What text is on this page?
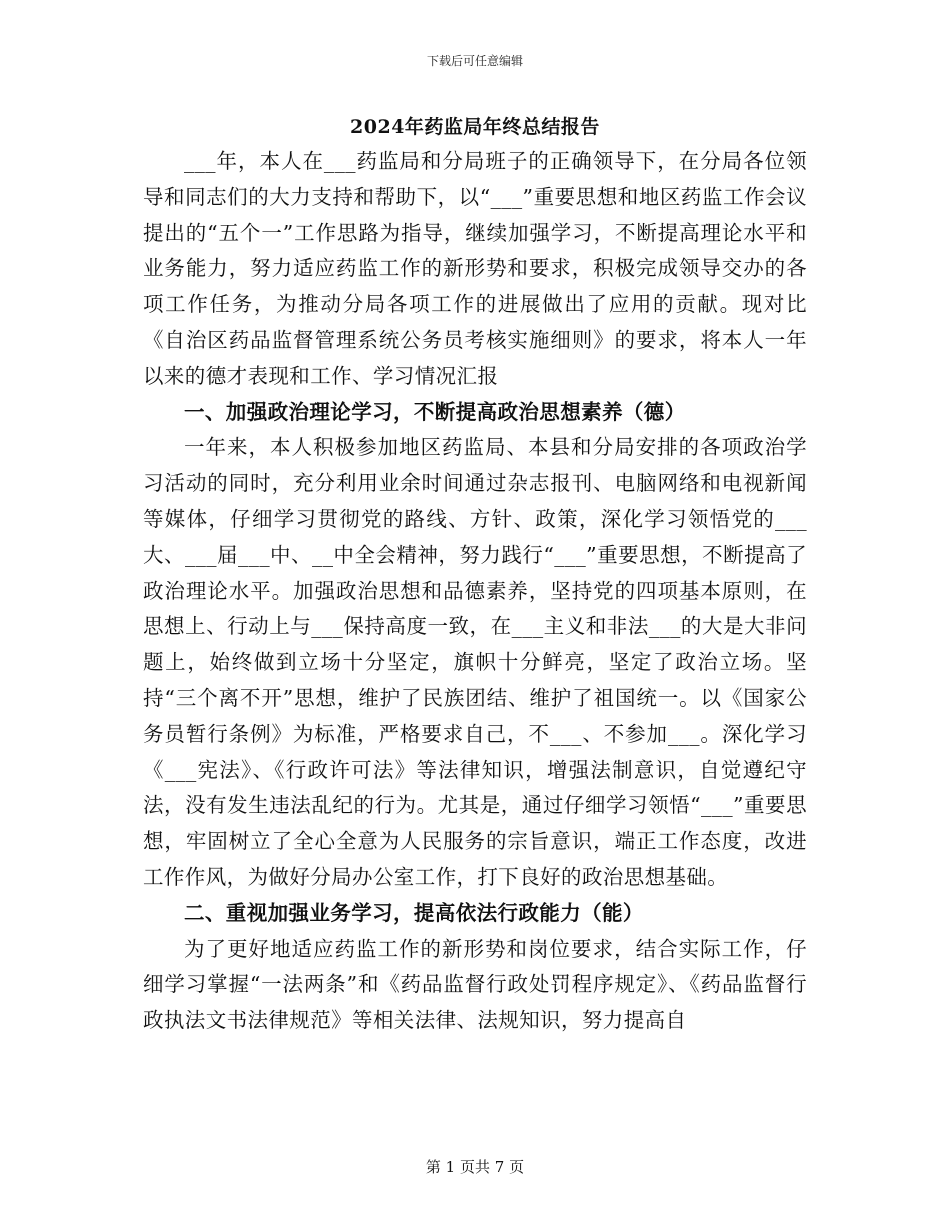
下载后可任意编辑
2024年药监局年终总结报告

___年，本人在___药监局和分局班子的正确领导下，在分局各位领导和同志们的大力支持和帮助下，以“___”重要思想和地区药监工作会议提出的“五个一”工作思路为指导，继续加强学习，不断提高理论水平和业务能力，努力适应药监工作的新形势和要求，积极完成领导交办的各项工作任务，为推动分局各项工作的进展做出了应用的贡献。现对比《自治区药品监督管理系统公务员考核实施细则》的要求，将本人一年以来的德才表现和工作、学习情况汇报

一、加强政治理论学习，不断提高政治思想素养（德）

一年来，本人积极参加地区药监局、本县和分局安排的各项政治学习活动的同时，充分利用业余时间通过杂志报刊、电脑网络和电视新闻等媒体，仔细学习贯彻党的路线、方针、政策，深化学习领悟党的___大、___届___中、__中全会精神，努力践行“___”重要思想，不断提高了政治理论水平。加强政治思想和品德素养，坚持党的四项基本原则，在思想上、行动上与___保持高度一致，在___主义和非法___的大是大非问题上，始终做到立场十分坚定，旗帜十分鲜亮，坚定了政治立场。坚持“三个离不开”思想，维护了民族团结、维护了祖国统一。以《国家公务员暂行条例》为标准，严格要求自己，不___、不参加___。深化学习《___宪法》、《行政许可法》等法律知识，增强法制意识，自觉遵纪守法，没有发生违法乱纪的行为。尤其是，通过仔细学习领悟“___”重要思想，牢固树立了全心全意为人民服务的宗旨意识，端正工作态度，改进工作作风，为做好分局办公室工作，打下良好的政治思想基础。

二、重视加强业务学习，提高依法行政能力（能）

为了更好地适应药监工作的新形势和岗位要求，结合实际工作，仔细学习掌握“一法两条”和《药品监督行政处罚程序规定》、《药品监督行政执法文书法律规范》等相关法律、法规知识，努力提高自

第 1 页共 7 页
